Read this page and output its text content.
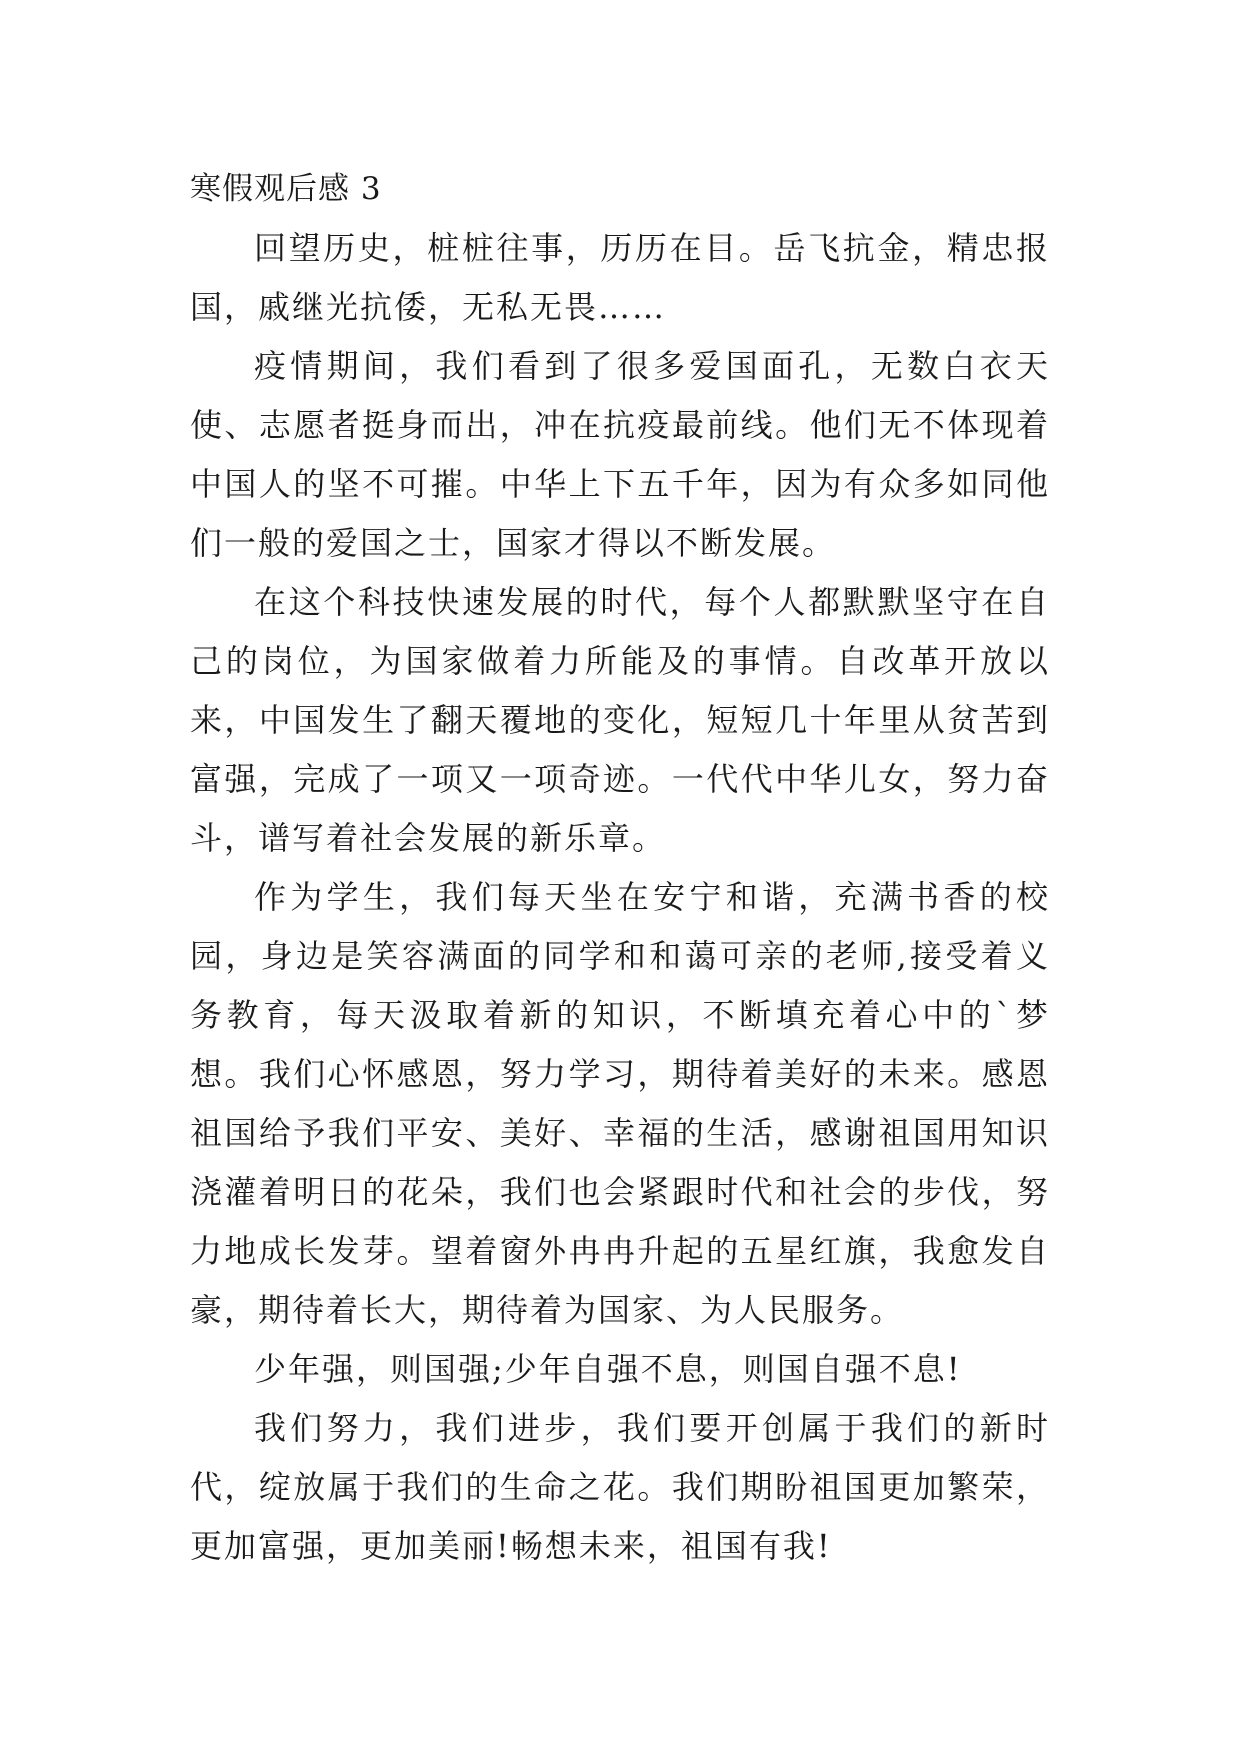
寒假观后感 3

回望历史，桩桩往事，历历在目。岳飞抗金，精忠报国，戚继光抗倭，无私无畏……

疫情期间，我们看到了很多爱国面孔，无数白衣天使、志愿者挺身而出，冲在抗疫最前线。他们无不体现着中国人的坚不可摧。中华上下五千年，因为有众多如同他们一般的爱国之士，国家才得以不断发展。

在这个科技快速发展的时代，每个人都默默坚守在自己的岗位，为国家做着力所能及的事情。自改革开放以来，中国发生了翻天覆地的变化，短短几十年里从贫苦到富强，完成了一项又一项奇迹。一代代中华儿女，努力奋斗，谱写着社会发展的新乐章。

作为学生，我们每天坐在安宁和谐，充满书香的校园，身边是笑容满面的同学和和蔼可亲的老师,接受着义务教育，每天汲取着新的知识，不断填充着心中的`梦想。我们心怀感恩，努力学习，期待着美好的未来。感恩祖国给予我们平安、美好、幸福的生活，感谢祖国用知识浇灌着明日的花朵，我们也会紧跟时代和社会的步伐，努力地成长发芽。望着窗外冉冉升起的五星红旗，我愈发自豪，期待着长大，期待着为国家、为人民服务。

少年强，则国强;少年自强不息，则国自强不息!

我们努力，我们进步，我们要开创属于我们的新时代，绽放属于我们的生命之花。我们期盼祖国更加繁荣，更加富强，更加美丽!畅想未来，祖国有我!
